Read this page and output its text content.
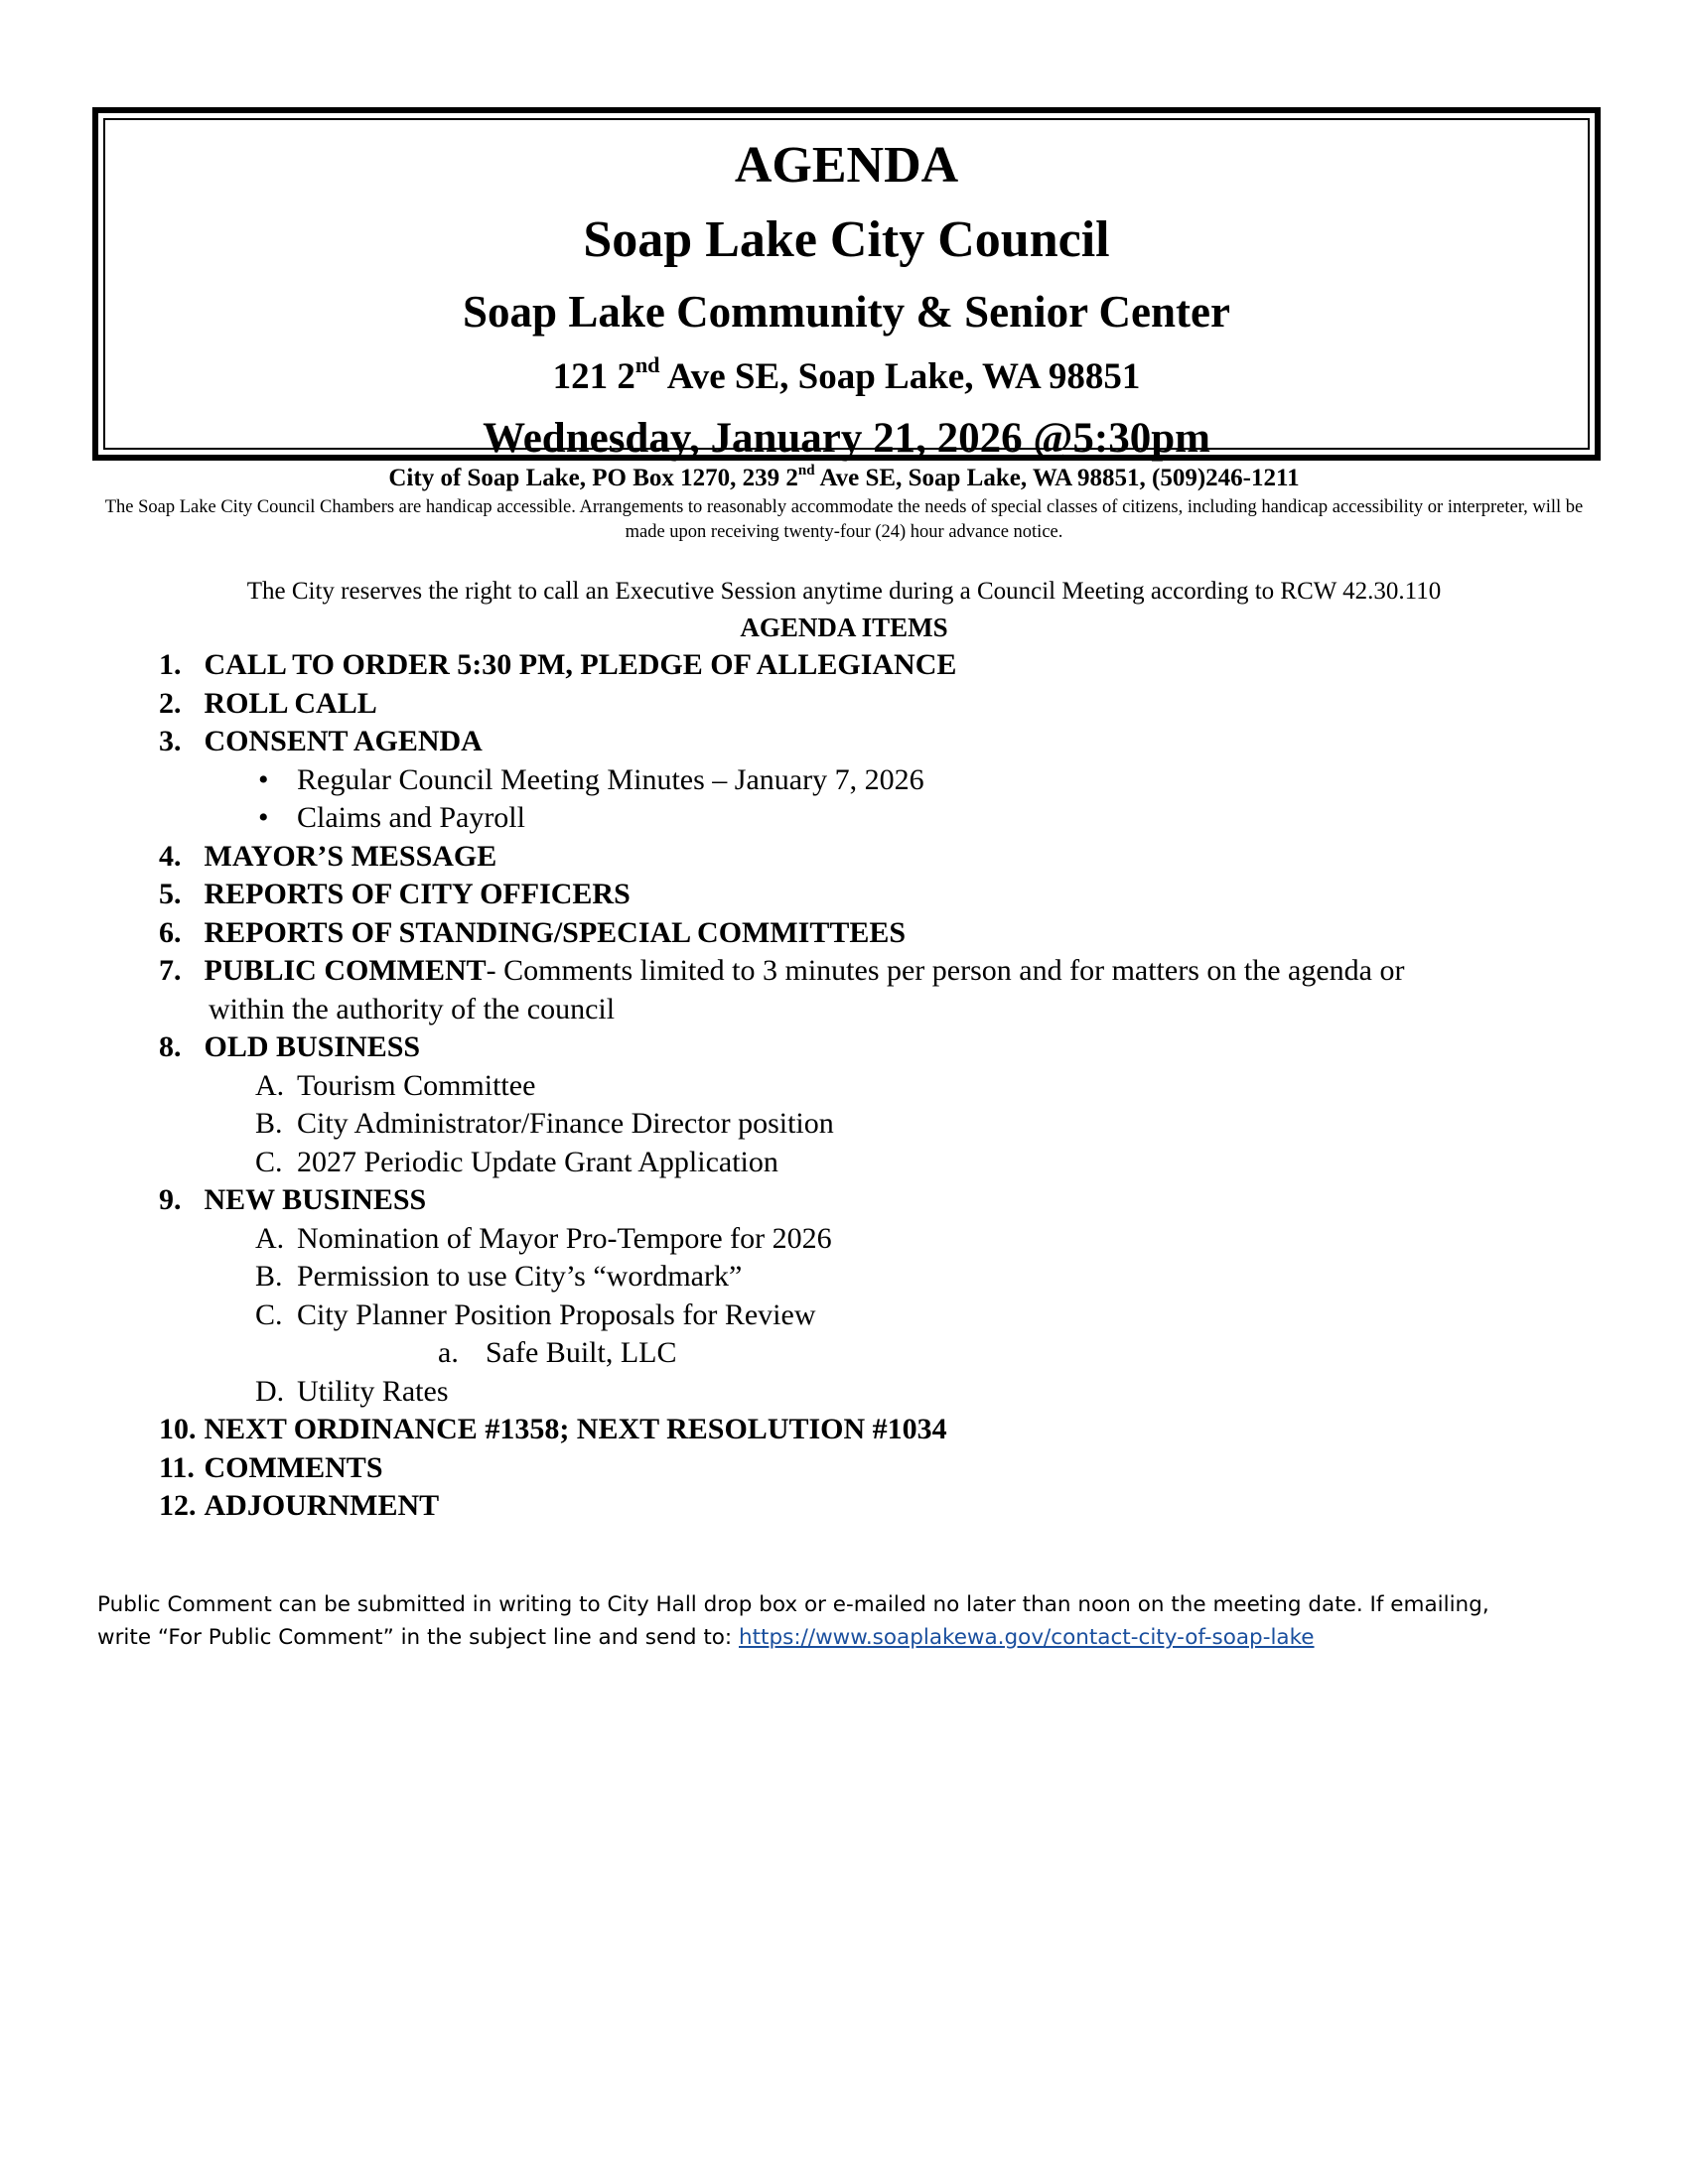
AGENDA
Soap Lake City Council
Soap Lake Community & Senior Center
121 2nd Ave SE, Soap Lake, WA 98851
Wednesday, January 21, 2026 @5:30pm
City of Soap Lake, PO Box 1270, 239 2nd Ave SE, Soap Lake, WA 98851, (509)246-1211
The Soap Lake City Council Chambers are handicap accessible. Arrangements to reasonably accommodate the needs of special classes of citizens, including handicap accessibility or interpreter, will be made upon receiving twenty-four (24) hour advance notice.
The City reserves the right to call an Executive Session anytime during a Council Meeting according to RCW 42.30.110
AGENDA ITEMS
1. CALL TO ORDER 5:30 PM, PLEDGE OF ALLEGIANCE
2. ROLL CALL
3. CONSENT AGENDA
• Regular Council Meeting Minutes – January 7, 2026
• Claims and Payroll
4. MAYOR’S MESSAGE
5. REPORTS OF CITY OFFICERS
6. REPORTS OF STANDING/SPECIAL COMMITTEES
7. PUBLIC COMMENT- Comments limited to 3 minutes per person and for matters on the agenda or
within the authority of the council
8. OLD BUSINESS
A. Tourism Committee
B. City Administrator/Finance Director position
C. 2027 Periodic Update Grant Application
9. NEW BUSINESS
A. Nomination of Mayor Pro-Tempore for 2026
B. Permission to use City’s “wordmark”
C. City Planner Position Proposals for Review
a. Safe Built, LLC
D. Utility Rates
10. NEXT ORDINANCE #1358; NEXT RESOLUTION #1034
11. COMMENTS
12. ADJOURNMENT
Public Comment can be submitted in writing to City Hall drop box or e-mailed no later than noon on the meeting date. If emailing,
write “For Public Comment” in the subject line and send to: https://www.soaplakewa.gov/contact-city-of-soap-lake
